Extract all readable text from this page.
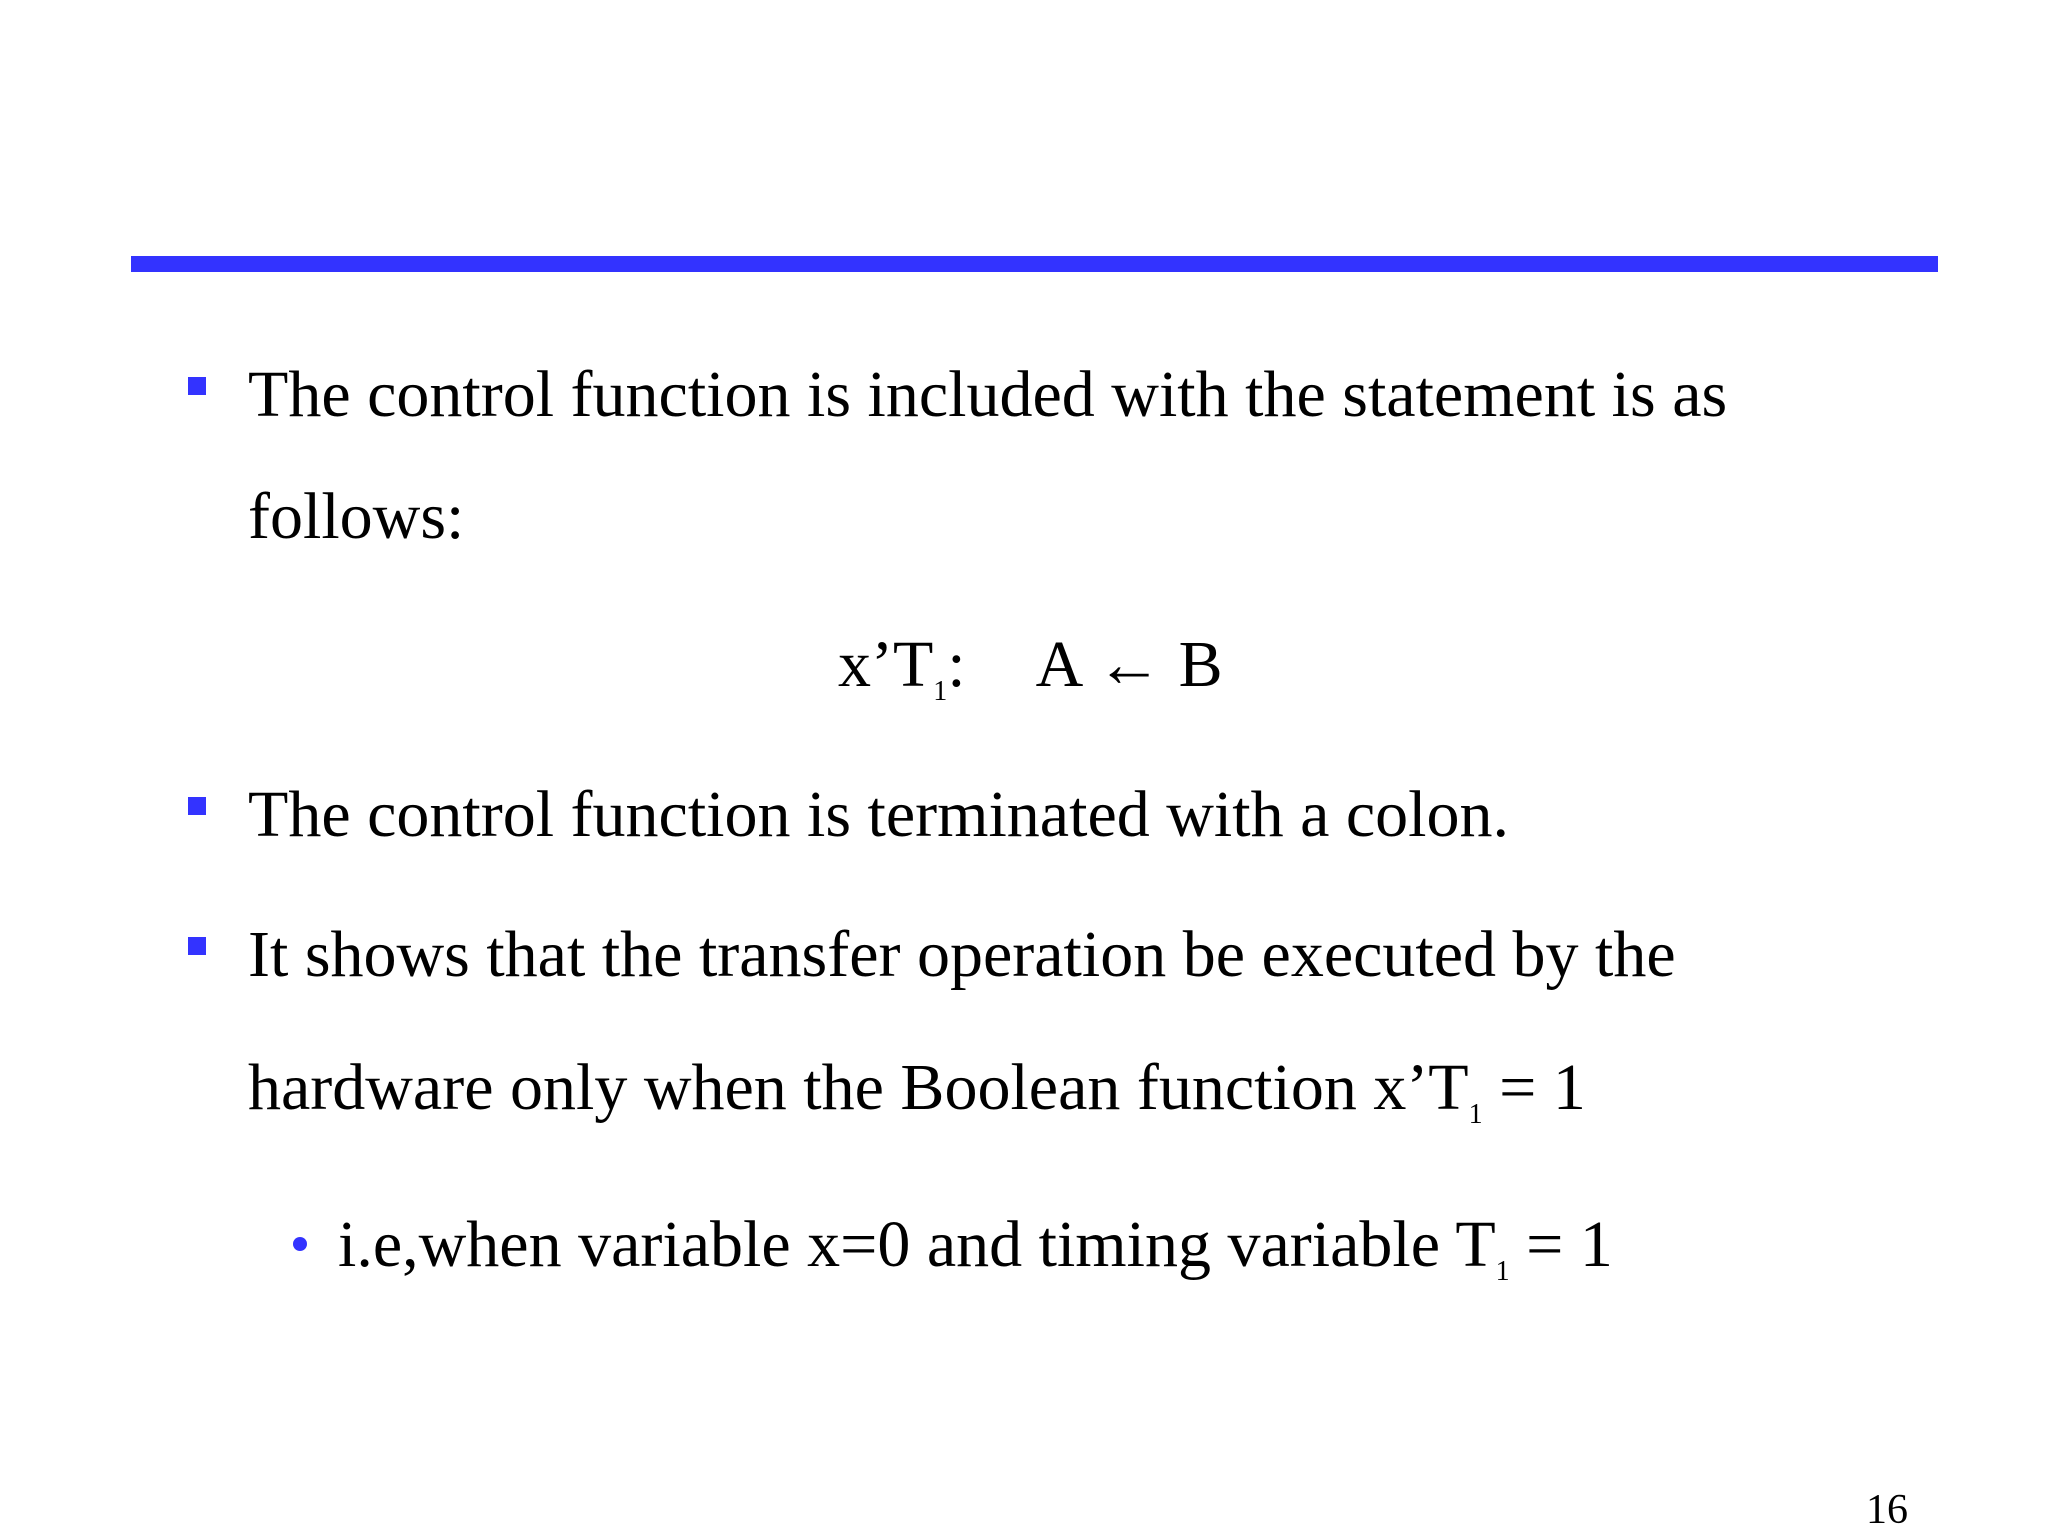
The control function is included with the statement is as
follows:
$x’T_1$: A ← B
The control function is terminated with a colon.
It shows that the transfer operation be executed by the
hardware only when the Boolean function $x’T_1 = 1$
i.e,when variable x=0 and timing variable $T_1 = 1$
16
